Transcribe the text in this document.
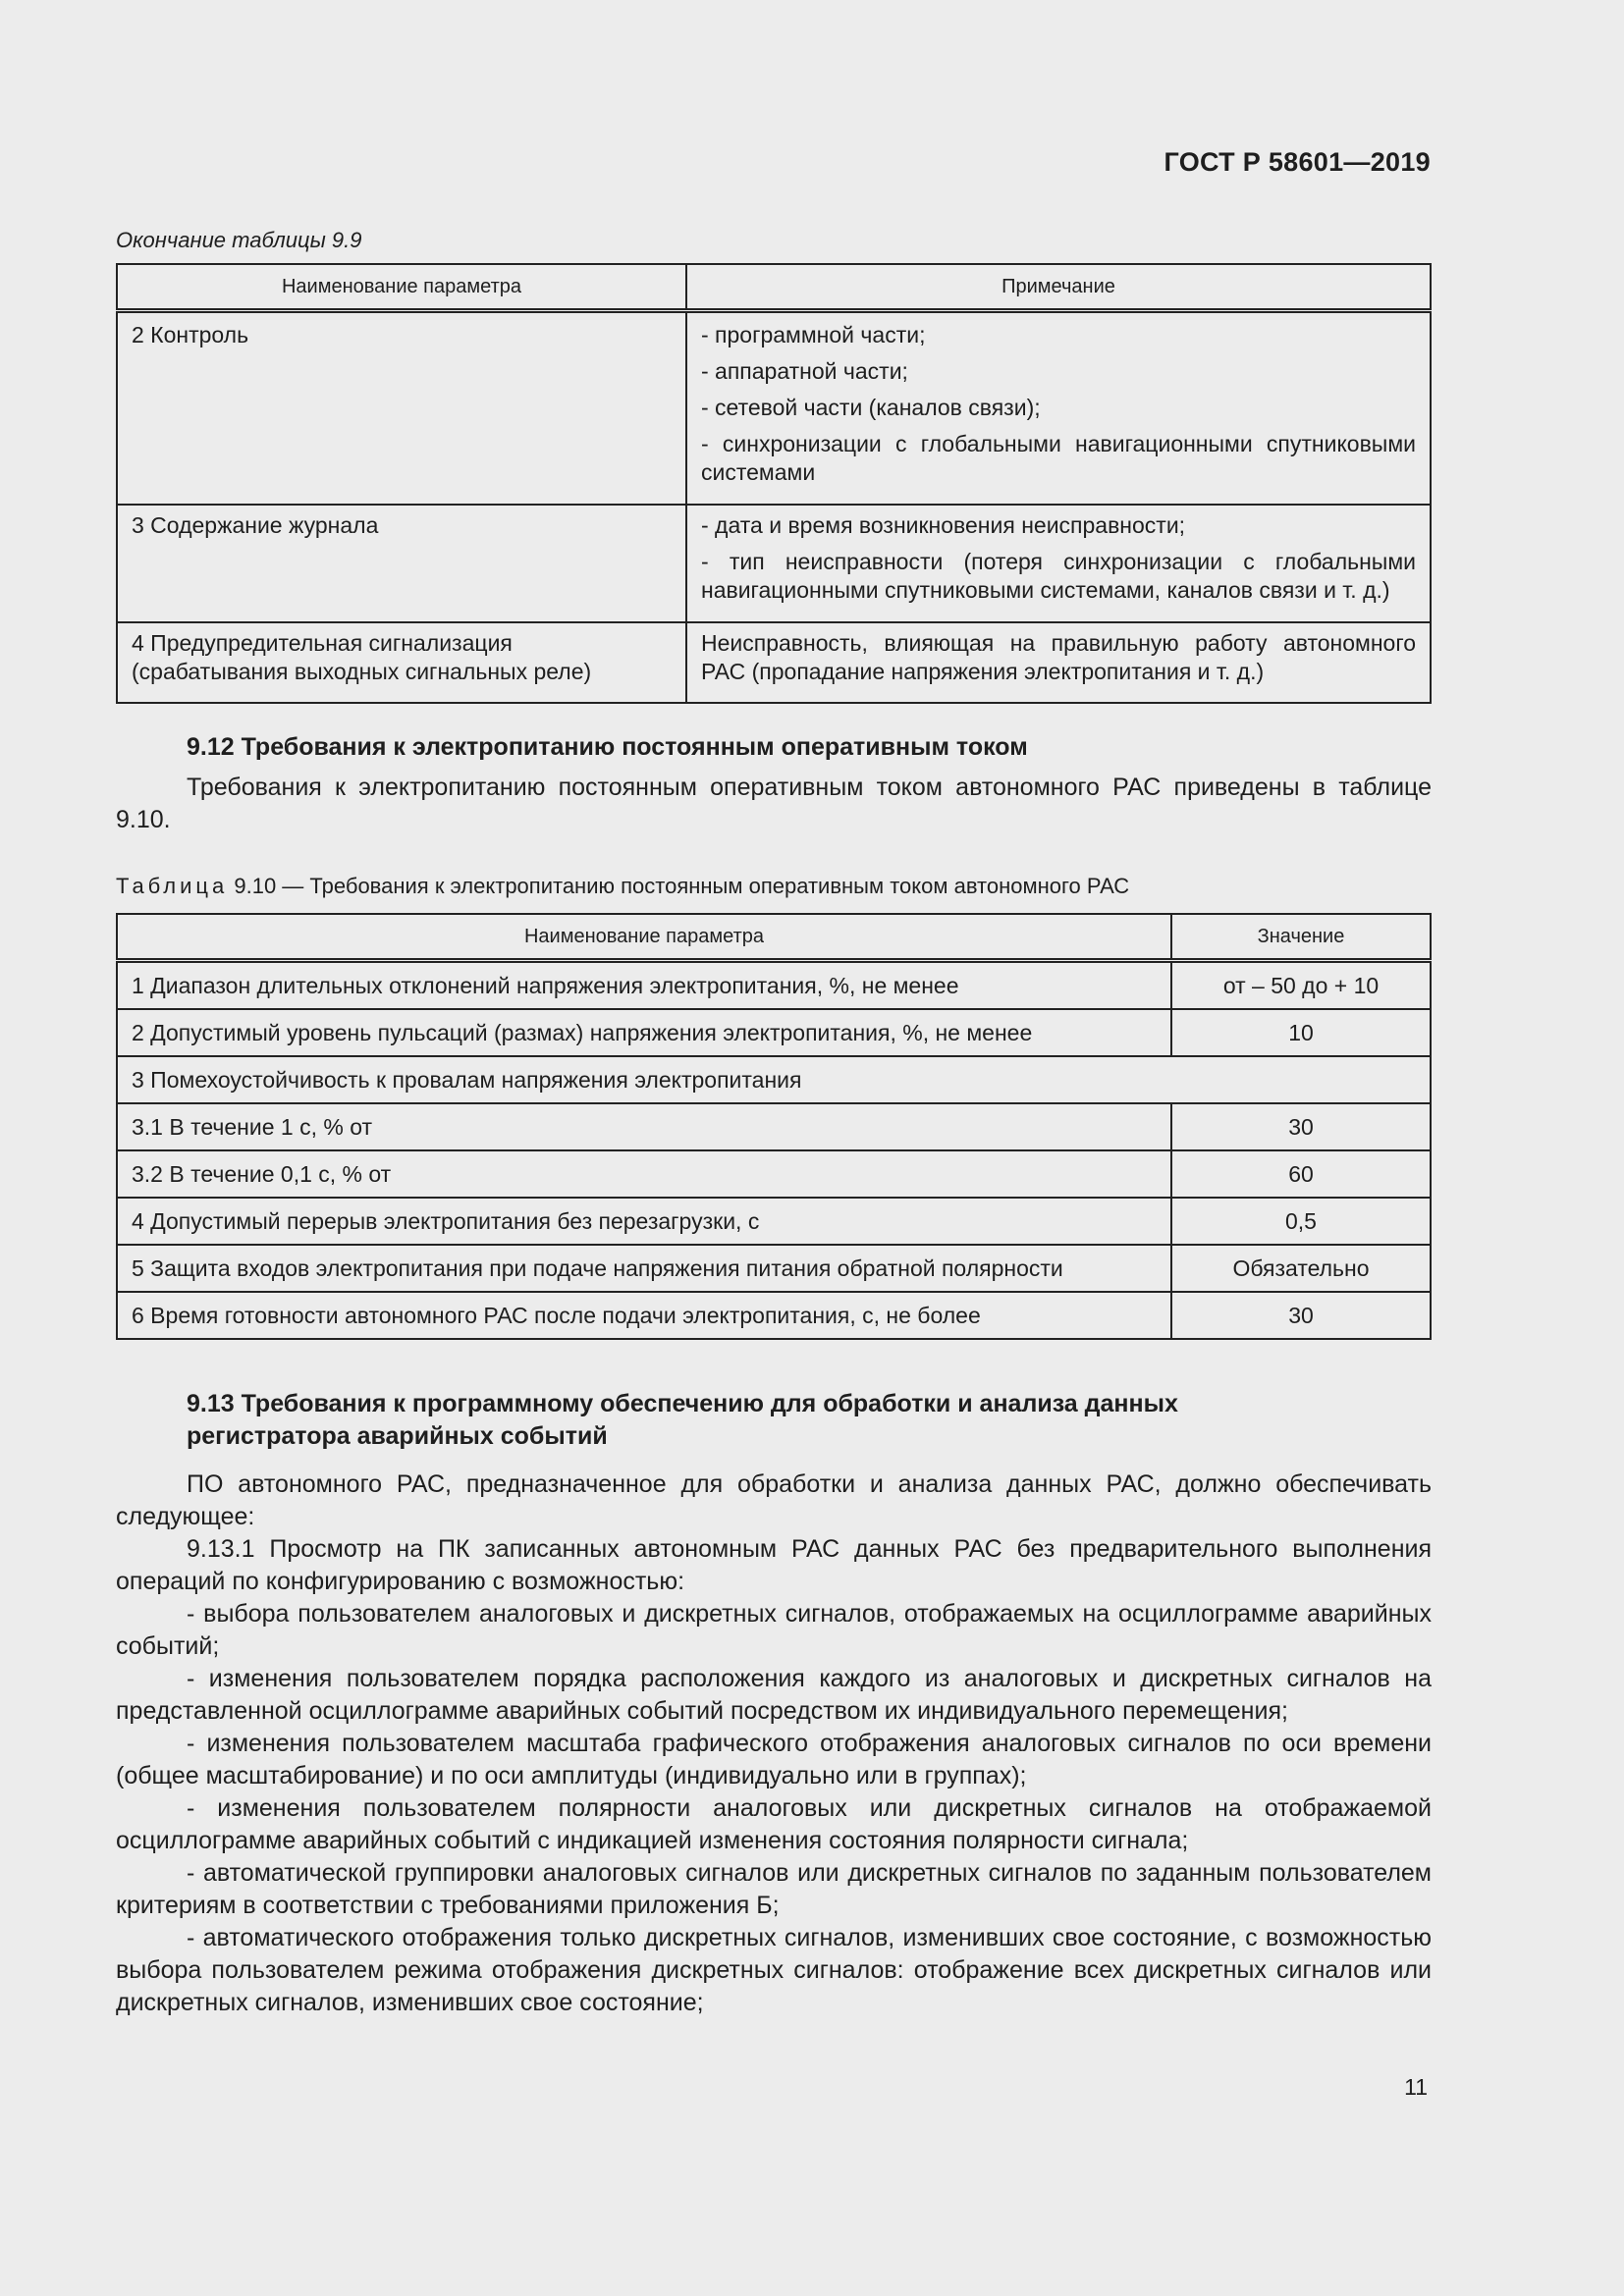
ГОСТ Р 58601—2019
Окончание таблицы 9.9
Наименование параметра	Примечание
2 Контроль	- программной части;
- аппаратной части;
- сетевой части (каналов связи);
- синхронизации с глобальными навигационными спутниковыми системами

3 Содержание журнала	- дата и время возникновения неисправности;
- тип неисправности (потеря синхронизации с глобальными навигационными спутниковыми системами, каналов связи и т. д.)

4 Предупредительная сигнализация (срабатывания выходных сигнальных реле)	Неисправность, влияющая на правильную работу автономного РАС (пропадание напряжения электропитания и т. д.)
9.12 Требования к электропитанию постоянным оперативным током

Требования к электропитанию постоянным оперативным током автономного РАС приведены в таблице 9.10.

Таблица 9.10 — Требования к электропитанию постоянным оперативным током автономного РАС
Наименование параметра	Значение
1 Диапазон длительных отклонений напряжения электропитания, %, не менее	от – 50 до + 10
2 Допустимый уровень пульсаций (размах) напряжения электропитания, %, не менее	10
3 Помехоустойчивость к провалам напряжения электропитания	
3.1 В течение 1 с, % от	30
3.2 В течение 0,1 с, % от	60
4 Допустимый перерыв электропитания без перезагрузки, с	0,5
5 Защита входов электропитания при подаче напряжения питания обратной полярности	Обязательно
6 Время готовности автономного РАС после подачи электропитания, с, не более	30
9.13 Требования к программному обеспечению для обработки и анализа данных
регистратора аварийных событий

ПО автономного РАС, предназначенное для обработки и анализа данных РАС, должно обеспечивать следующее:

9.13.1 Просмотр на ПК записанных автономным РАС данных РАС без предварительного выполнения операций по конфигурированию с возможностью:

- выбора пользователем аналоговых и дискретных сигналов, отображаемых на осциллограмме аварийных событий;

- изменения пользователем порядка расположения каждого из аналоговых и дискретных сигналов на представленной осциллограмме аварийных событий посредством их индивидуального перемещения;

- изменения пользователем масштаба графического отображения аналоговых сигналов по оси времени (общее масштабирование) и по оси амплитуды (индивидуально или в группах);

- изменения пользователем полярности аналоговых или дискретных сигналов на отображаемой осциллограмме аварийных событий с индикацией изменения состояния полярности сигнала;

- автоматической группировки аналоговых сигналов или дискретных сигналов по заданным пользователем критериям в соответствии с требованиями приложения Б;

- автоматического отображения только дискретных сигналов, изменивших свое состояние, с возможностью выбора пользователем режима отображения дискретных сигналов: отображение всех дискретных сигналов или дискретных сигналов, изменивших свое состояние;

11
